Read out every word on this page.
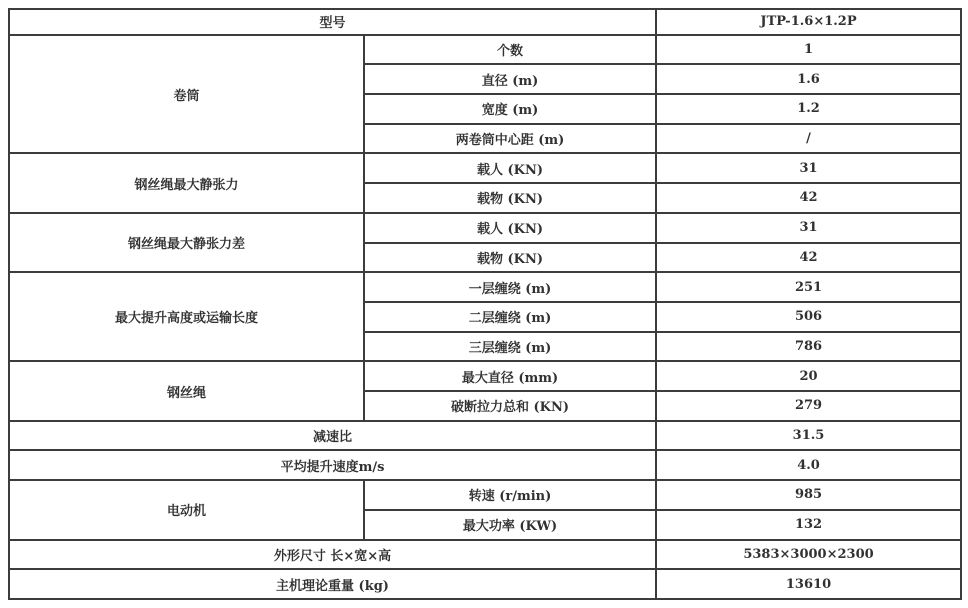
型号		JTP-1.6×1.2P
卷筒	个数	1
	直径 (m)	1.6
	宽度 (m)	1.2
	两卷筒中心距 (m)	/
钢丝绳最大静张力	载人 (KN)	31
	载物 (KN)	42
钢丝绳最大静张力差	载人 (KN)	31
	载物 (KN)	42
最大提升高度或运输长度	一层缠绕 (m)	251
	二层缠绕 (m)	506
	三层缠绕 (m)	786
钢丝绳	最大直径 (mm)	20
	破断拉力总和 (KN)	279
减速比		31.5
平均提升速度m/s		4.0
电动机	转速 (r/min)	985
	最大功率 (KW)	132
外形尺寸 长×宽×高		5383×3000×2300
主机理论重量 (kg)		13610
